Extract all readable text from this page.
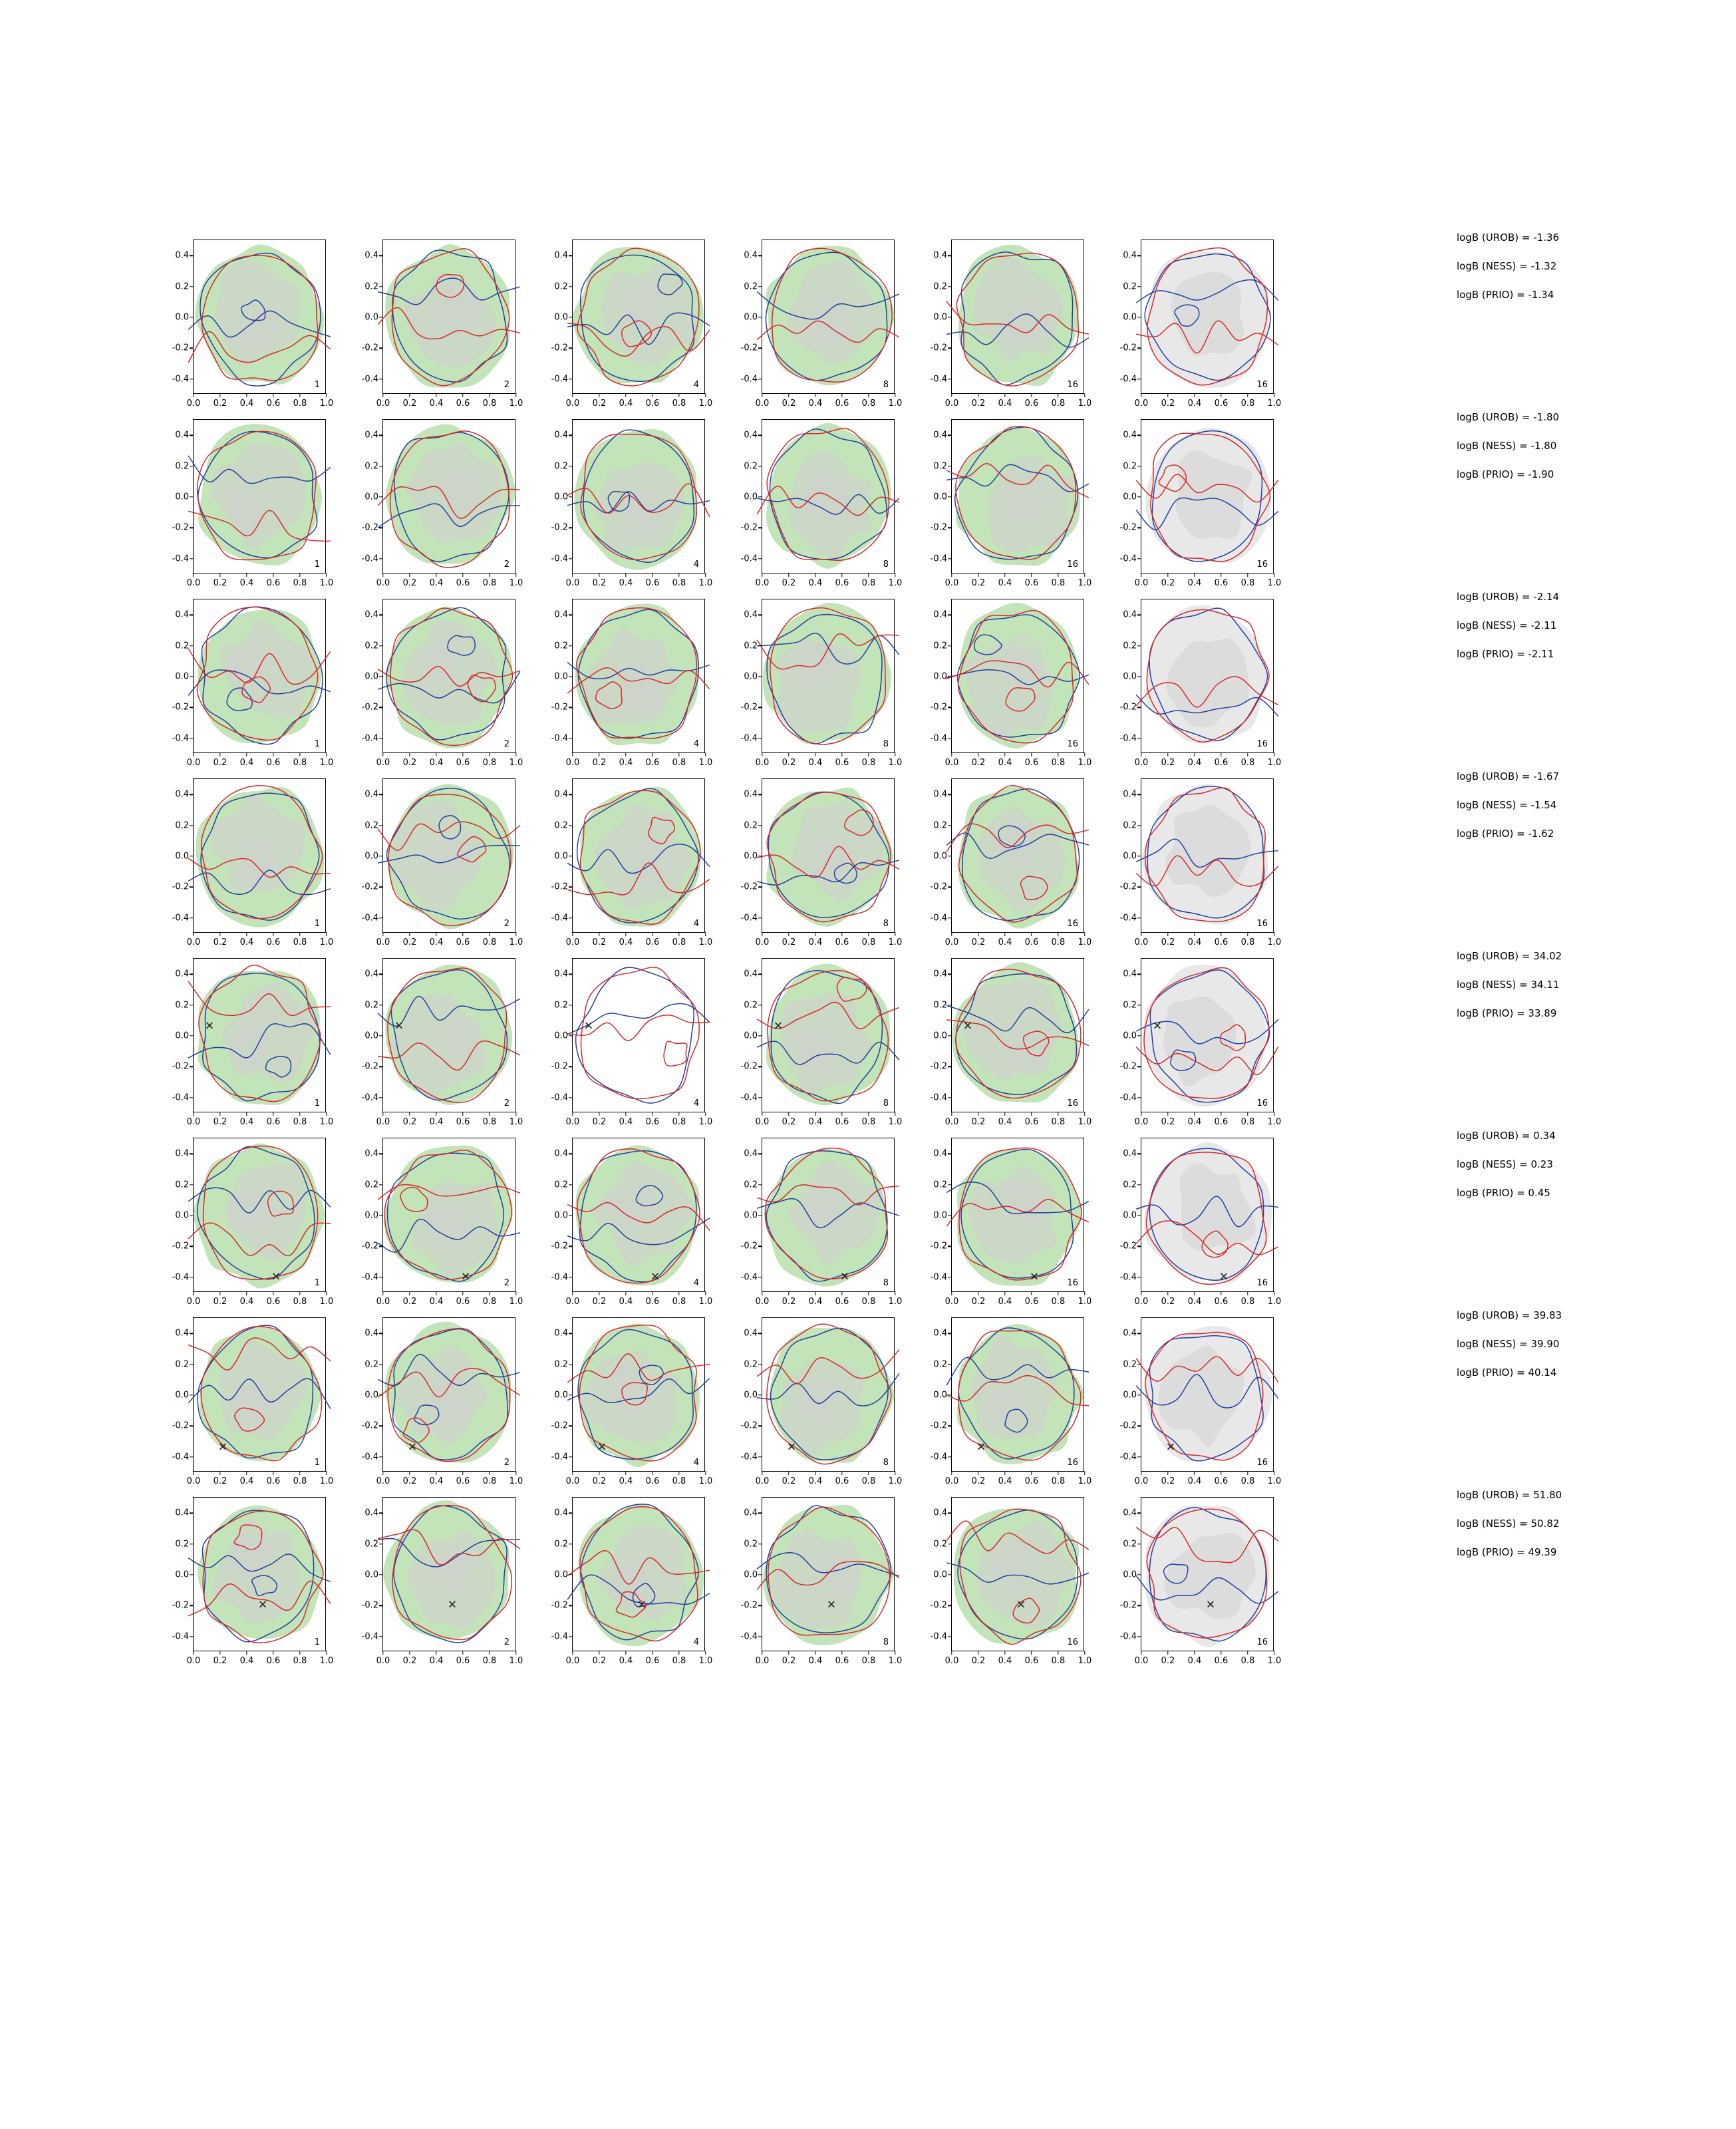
-0.4
-0.2
0.0
0.2
0.4
0.0 0.2 0.4 0.6 0.8 1.0
1
-0.4
-0.2
0.0
0.2
0.4
0.0 0.2 0.4 0.6 0.8 1.0
2
-0.4
-0.2
0.0
0.2
0.4
0.0 0.2 0.4 0.6 0.8 1.0
4
-0.4
-0.2
0.0
0.2
0.4
0.0 0.2 0.4 0.6 0.8 1.0
8
-0.4
-0.2
0.0
0.2
0.4
0.0 0.2 0.4 0.6 0.8 1.0
16
-0.4
-0.2
0.0
0.2
0.4
0.0 0.2 0.4 0.6 0.8 1.0
16
logB (UROB) = -1.36
logB (NESS) = -1.32
logB (PRIO) = -1.34
-0.4
-0.2
0.0
0.2
0.4
0.0 0.2 0.4 0.6 0.8 1.0
1
-0.4
-0.2
0.0
0.2
0.4
0.0 0.2 0.4 0.6 0.8 1.0
2
-0.4
-0.2
0.0
0.2
0.4
0.0 0.2 0.4 0.6 0.8 1.0
4
-0.4
-0.2
0.0
0.2
0.4
0.0 0.2 0.4 0.6 0.8 1.0
8
-0.4
-0.2
0.0
0.2
0.4
0.0 0.2 0.4 0.6 0.8 1.0
16
-0.4
-0.2
0.0
0.2
0.4
0.0 0.2 0.4 0.6 0.8 1.0
16
logB (UROB) = -1.80
logB (NESS) = -1.80
logB (PRIO) = -1.90
-0.4
-0.2
0.0
0.2
0.4
0.0 0.2 0.4 0.6 0.8 1.0
1
-0.4
-0.2
0.0
0.2
0.4
0.0 0.2 0.4 0.6 0.8 1.0
2
-0.4
-0.2
0.0
0.2
0.4
0.0 0.2 0.4 0.6 0.8 1.0
4
-0.4
-0.2
0.0
0.2
0.4
0.0 0.2 0.4 0.6 0.8 1.0
8
-0.4
-0.2
0.0
0.2
0.4
0.0 0.2 0.4 0.6 0.8 1.0
16
-0.4
-0.2
0.0
0.2
0.4
0.0 0.2 0.4 0.6 0.8 1.0
16
logB (UROB) = -2.14
logB (NESS) = -2.11
logB (PRIO) = -2.11
-0.4
-0.2
0.0
0.2
0.4
0.0 0.2 0.4 0.6 0.8 1.0
1
-0.4
-0.2
0.0
0.2
0.4
0.0 0.2 0.4 0.6 0.8 1.0
2
-0.4
-0.2
0.0
0.2
0.4
0.0 0.2 0.4 0.6 0.8 1.0
4
-0.4
-0.2
0.0
0.2
0.4
0.0 0.2 0.4 0.6 0.8 1.0
8
-0.4
-0.2
0.0
0.2
0.4
0.0 0.2 0.4 0.6 0.8 1.0
16
-0.4
-0.2
0.0
0.2
0.4
0.0 0.2 0.4 0.6 0.8 1.0
16
logB (UROB) = -1.67
logB (NESS) = -1.54
logB (PRIO) = -1.62
-0.4
-0.2
0.0
0.2
0.4
0.0 0.2 0.4 0.6 0.8 1.0
✕
1
-0.4
-0.2
0.0
0.2
0.4
0.0 0.2 0.4 0.6 0.8 1.0
✕
2
-0.4
-0.2
0.0
0.2
0.4
0.0 0.2 0.4 0.6 0.8 1.0
✕
4
-0.4
-0.2
0.0
0.2
0.4
0.0 0.2 0.4 0.6 0.8 1.0
✕
8
-0.4
-0.2
0.0
0.2
0.4
0.0 0.2 0.4 0.6 0.8 1.0
✕
16
-0.4
-0.2
0.0
0.2
0.4
0.0 0.2 0.4 0.6 0.8 1.0
✕
16
logB (UROB) = 34.02
logB (NESS) = 34.11
logB (PRIO) = 33.89
-0.4
-0.2
0.0
0.2
0.4
0.0 0.2 0.4 0.6 0.8 1.0
✕	1
-0.4
-0.2
0.0
0.2
0.4
0.0 0.2 0.4 0.6 0.8 1.0
✕	2
-0.4
-0.2
0.0
0.2
0.4
0.0 0.2 0.4 0.6 0.8 1.0
✕	4
-0.4
-0.2
0.0
0.2
0.4
0.0 0.2 0.4 0.6 0.8 1.0
✕	8
-0.4
-0.2
0.0
0.2
0.4
0.0 0.2 0.4 0.6 0.8 1.0
✕	16
-0.4
-0.2
0.0
0.2
0.4
0.0 0.2 0.4 0.6 0.8 1.0
✕	16
logB (UROB) = 0.34
logB (NESS) = 0.23
logB (PRIO) = 0.45
-0.4
-0.2
0.0
0.2
0.4
0.0 0.2 0.4 0.6 0.8 1.0
✕
1
-0.4
-0.2
0.0
0.2
0.4
0.0 0.2 0.4 0.6 0.8 1.0
✕
2
-0.4
-0.2
0.0
0.2
0.4
0.0 0.2 0.4 0.6 0.8 1.0
✕
4
-0.4
-0.2
0.0
0.2
0.4
0.0 0.2 0.4 0.6 0.8 1.0
✕
8
-0.4
-0.2
0.0
0.2
0.4
0.0 0.2 0.4 0.6 0.8 1.0
✕
16
-0.4
-0.2
0.0
0.2
0.4
0.0 0.2 0.4 0.6 0.8 1.0
✕
16
logB (UROB) = 39.83
logB (NESS) = 39.90
logB (PRIO) = 40.14
-0.4
-0.2
0.0
0.2
0.4
0.0 0.2 0.4 0.6 0.8 1.0
✕
1
-0.4
-0.2
0.0
0.2
0.4
0.0 0.2 0.4 0.6 0.8 1.0
✕
2
-0.4
-0.2
0.0
0.2
0.4
0.0 0.2 0.4 0.6 0.8 1.0
✕
4
-0.4
-0.2
0.0
0.2
0.4
0.0 0.2 0.4 0.6 0.8 1.0
✕
8
-0.4
-0.2
0.0
0.2
0.4
0.0 0.2 0.4 0.6 0.8 1.0
✕
16
-0.4
-0.2
0.0
0.2
0.4
0.0 0.2 0.4 0.6 0.8 1.0
✕
16
logB (UROB) = 51.80
logB (NESS) = 50.82
logB (PRIO) = 49.39
